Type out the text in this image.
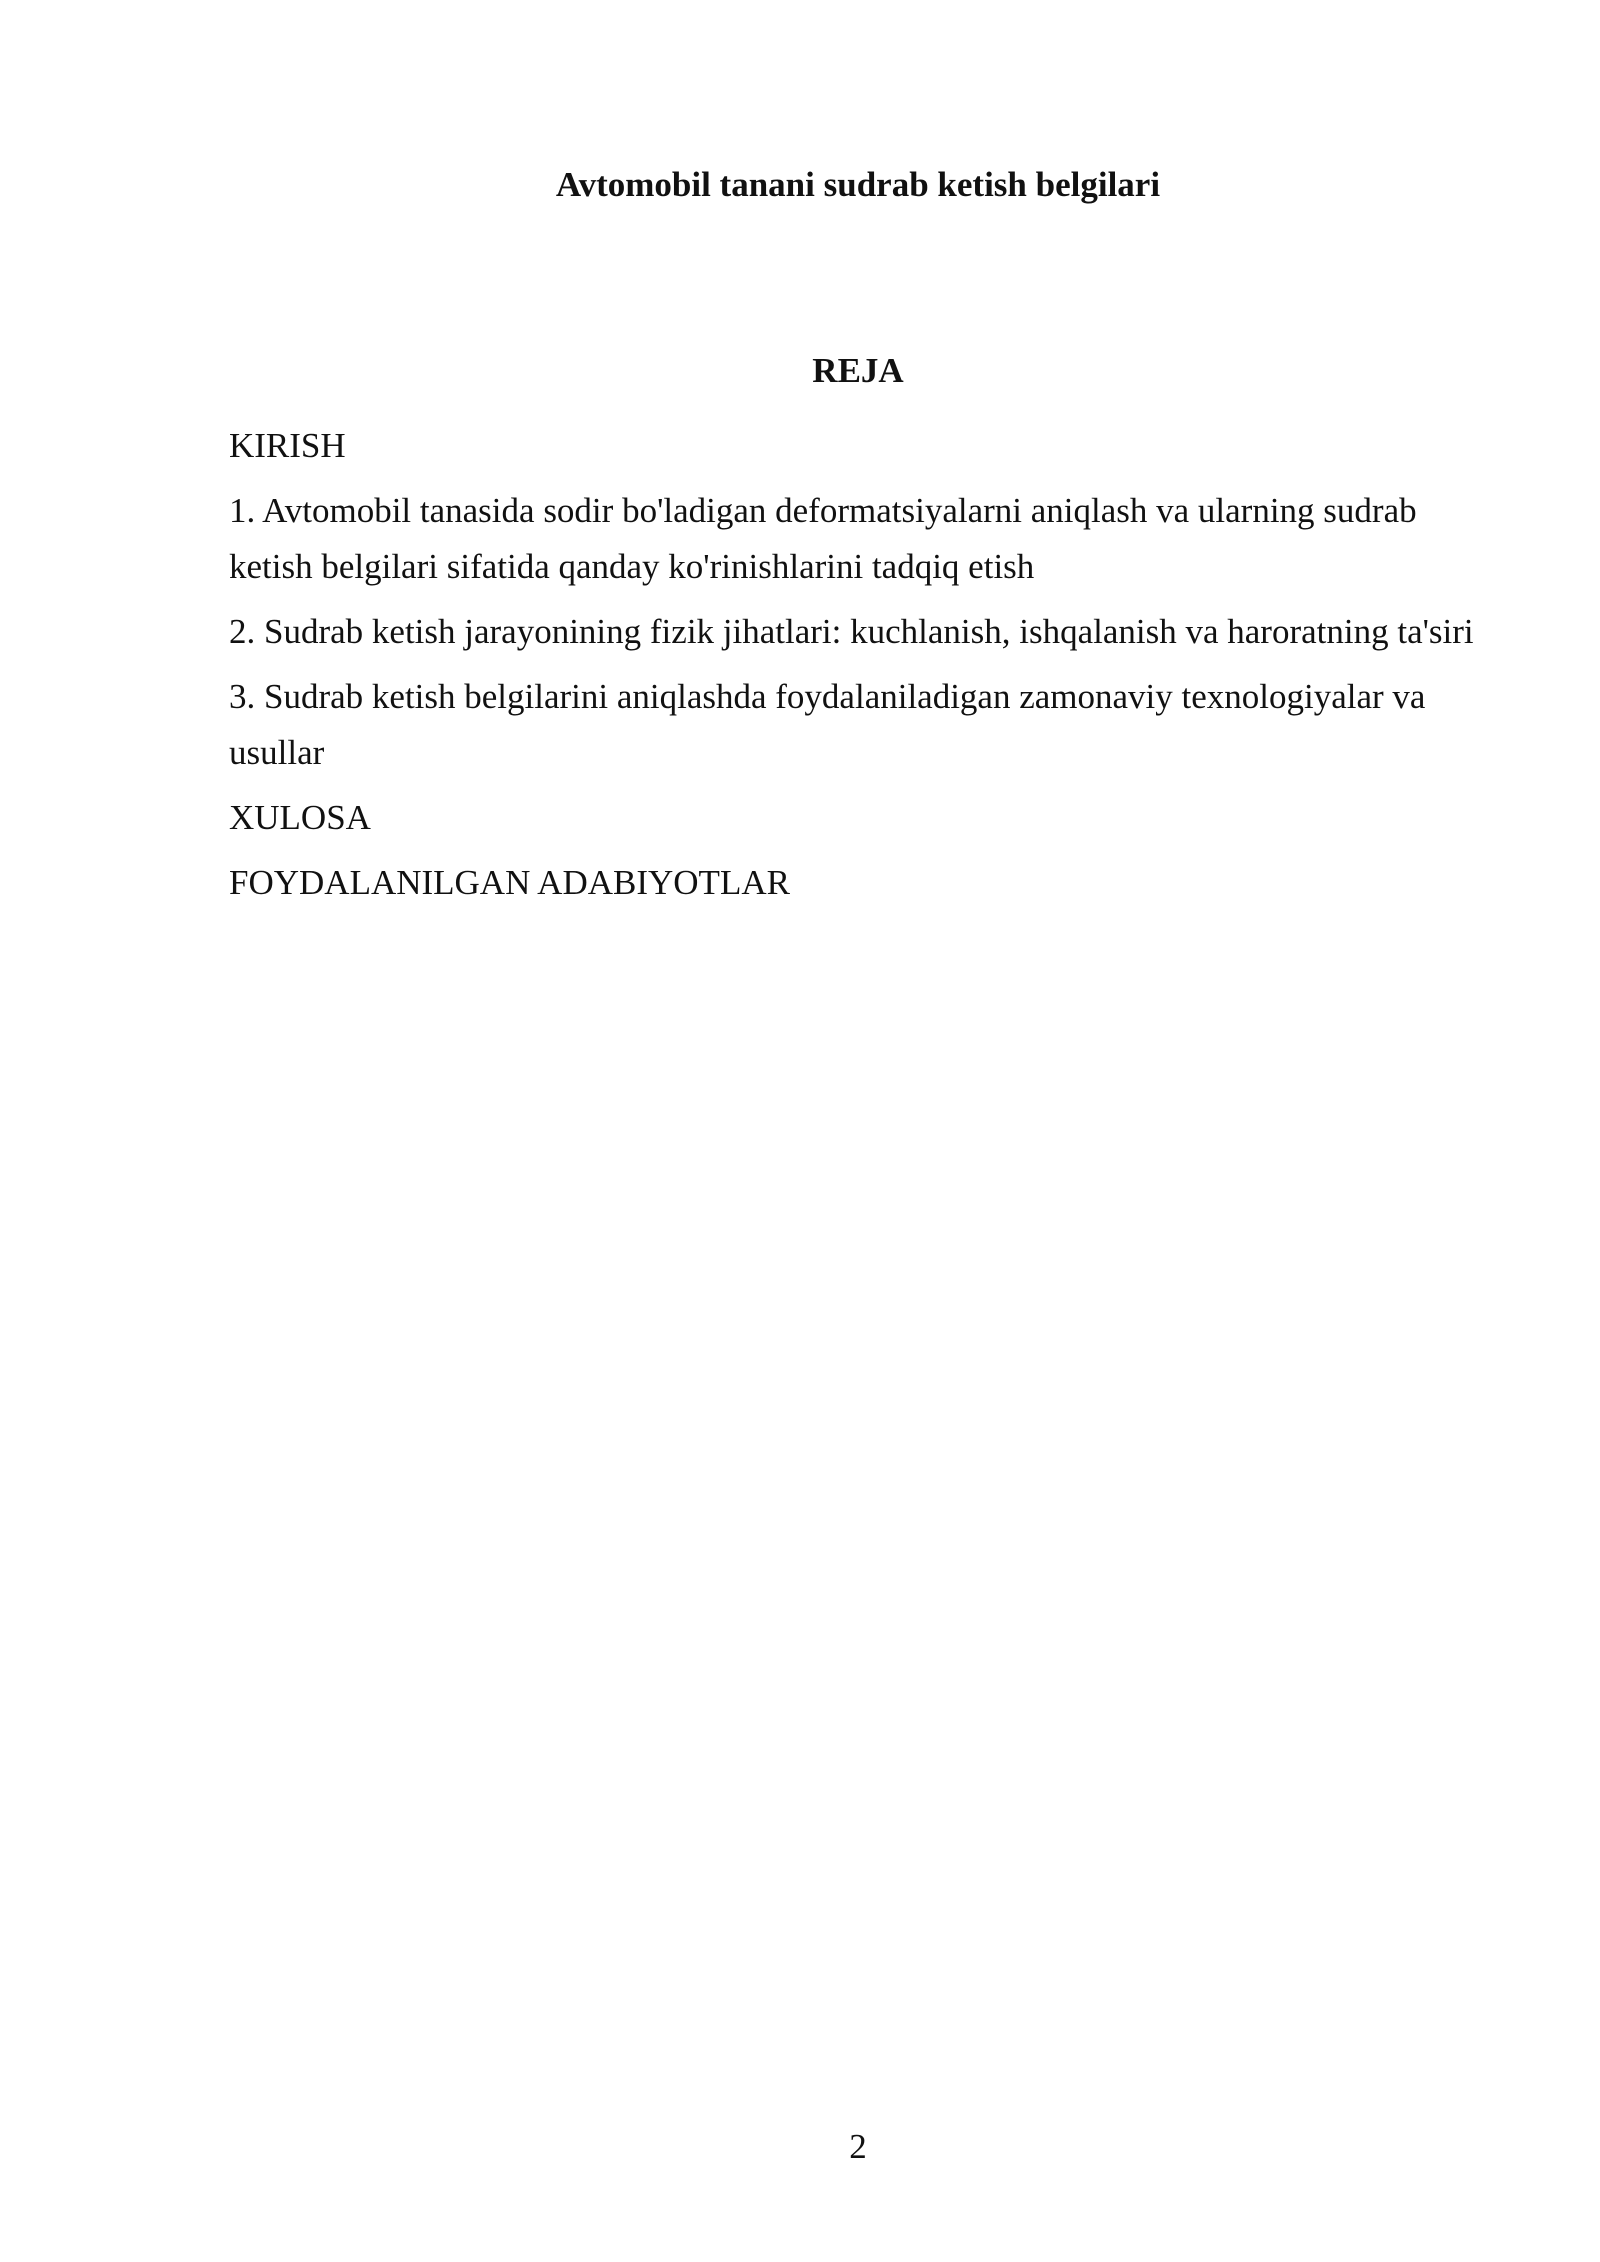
Avtomobil tanani sudrab ketish belgilari
REJA
KIRISH
1. Avtomobil tanasida sodir bo'ladigan deformatsiyalarni aniqlash va ularning sudrab ketish belgilari sifatida qanday ko'rinishlarini tadqiq etish
2. Sudrab ketish jarayonining fizik jihatlari: kuchlanish, ishqalanish va haroratning ta'siri
3. Sudrab ketish belgilarini aniqlashda foydalaniladigan zamonaviy texnologiyalar va usullar
XULOSA
FOYDALANILGAN ADABIYOTLAR
2
